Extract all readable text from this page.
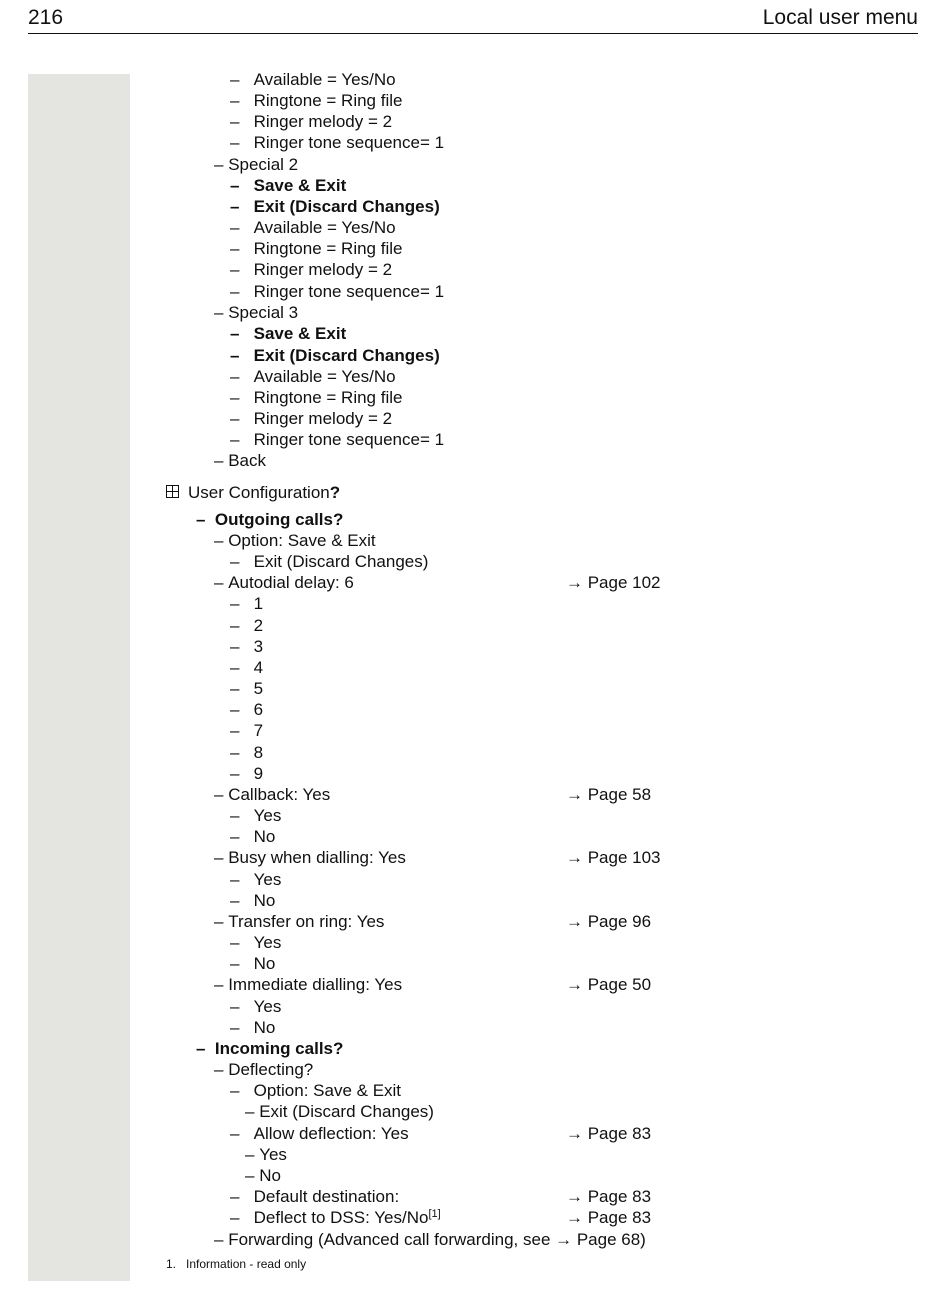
216	Local user menu
–   Available = Yes/No
–   Ringtone = Ring file
–   Ringer melody = 2
–   Ringer tone sequence= 1
– Special 2
–   Save & Exit
–   Exit (Discard Changes)
–   Available = Yes/No
–   Ringtone = Ring file
–   Ringer melody = 2
–   Ringer tone sequence= 1
– Special 3
–   Save & Exit
–   Exit (Discard Changes)
–   Available = Yes/No
–   Ringtone = Ring file
–   Ringer melody = 2
–   Ringer tone sequence= 1
– Back
User Configuration?
–  Outgoing calls?
– Option: Save & Exit
–   Exit (Discard Changes)
– Autodial delay: 6	→ Page 102
–   1
–   2
–   3
–   4
–   5
–   6
–   7
–   8
–   9
– Callback: Yes	→ Page 58
–   Yes
–   No
– Busy when dialling: Yes	→ Page 103
–   Yes
–   No
– Transfer on ring: Yes	→ Page 96
–   Yes
–   No
– Immediate dialling: Yes	→ Page 50
–   Yes
–   No
–  Incoming calls?
– Deflecting?
–   Option: Save & Exit
– Exit (Discard Changes)
–   Allow deflection: Yes	→ Page 83
– Yes
– No
–   Default destination:	→ Page 83
–   Deflect to DSS: Yes/No[1]	→ Page 83
– Forwarding (Advanced call forwarding, see → Page 68)
1. Information - read only
